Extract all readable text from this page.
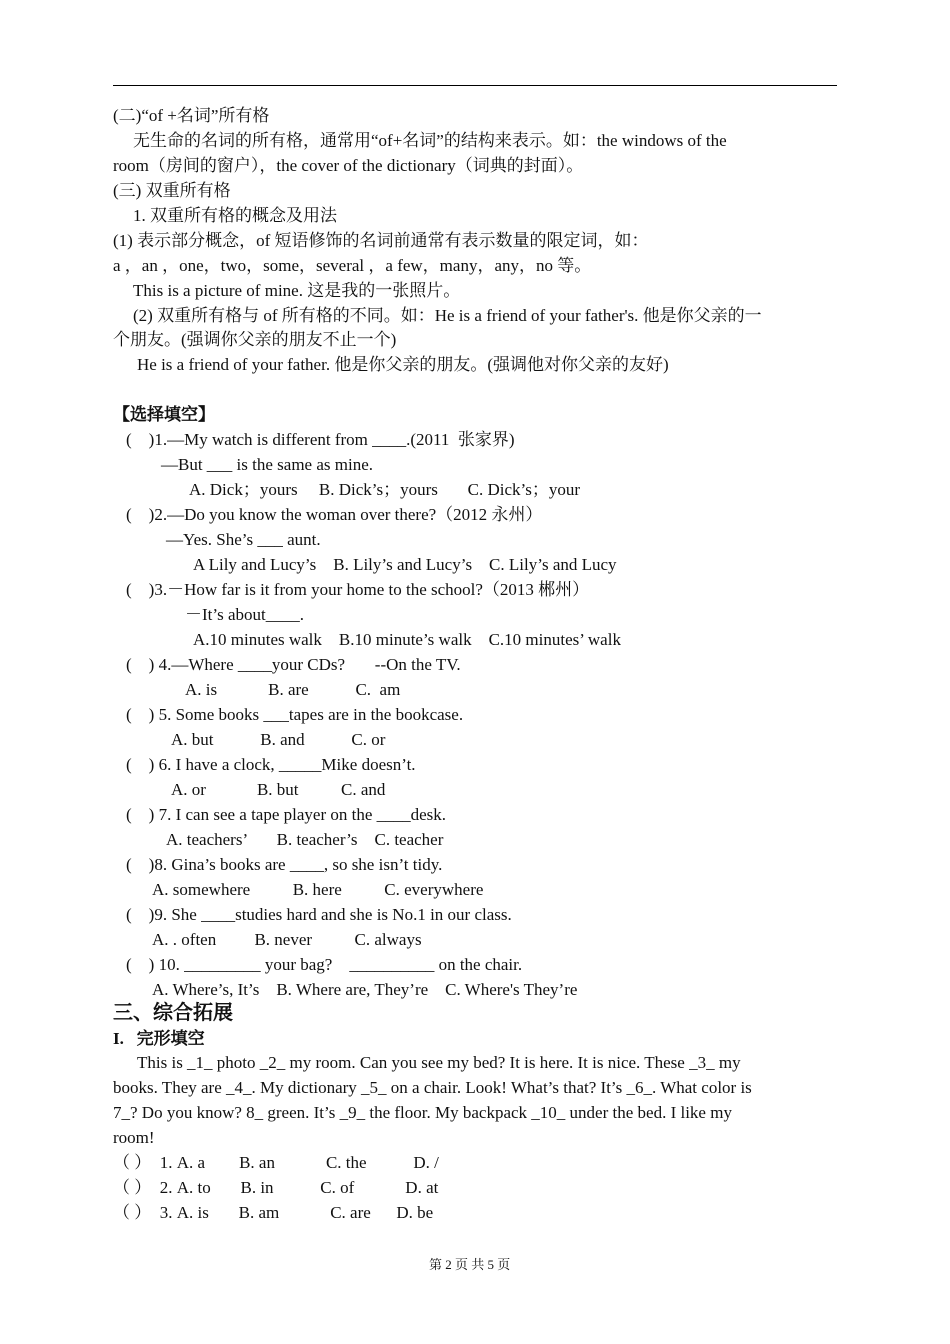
(二)“of +名词”所有格
无生命的名词的所有格，通常用“of+名词”的结构来表示。如：the windows of the
room（房间的窗户），the cover of the dictionary（词典的封面）。
(三) 双重所有格
1. 双重所有格的概念及用法
(1) 表示部分概念，of 短语修饰的名词前通常有表示数量的限定词，如：
a ，an ，one，two，some，several ，a few，many，any，no 等。
This is a picture of mine. 这是我的一张照片。
(2) 双重所有格与 of 所有格的不同。如：He is a friend of your father's. 他是你父亲的一
个朋友。(强调你父亲的朋友不止一个)
He is a friend of your father. 他是你父亲的朋友。(强调他对你父亲的友好)
【选择填空】
(    )1.—My watch is different from ____.(2011  张家界)
—But ___ is the same as mine.
A. Dick；yours     B. Dick’s；yours       C. Dick’s；your
(    )2.—Do you know the woman over there?（2012 永州）
—Yes. She’s ___ aunt.
A Lily and Lucy’s    B. Lily’s and Lucy’s    C. Lily’s and Lucy
(    )3.－How far is it from your home to the school?（2013 郴州）
－It’s about____.
A.10 minutes walk    B.10 minute’s walk    C.10 minutes’ walk
(    ) 4.—Where ____your CDs?       --On the TV.
A. is            B. are           C.  am
(    ) 5. Some books ___tapes are in the bookcase.
A. but           B. and           C. or
(    ) 6. I have a clock, _____Mike doesn’t.
A. or            B. but          C. and
(    ) 7. I can see a tape player on the ____desk.
A. teachers’       B. teacher’s    C. teacher
(    )8. Gina’s books are ____, so she isn’t tidy.
A. somewhere          B. here          C. everywhere
(    )9. She ____studies hard and she is No.1 in our class.
A. . often         B. never          C. always
(    ) 10. _________ your bag?    __________ on the chair.
A. Where’s, It’s    B. Where are, They’re    C. Where's They’re
三、综合拓展
I.   完形填空
This is _1_ photo _2_ my room. Can you see my bed? It is here. It is nice. These _3_ my
books. They are _4_. My dictionary _5_ on a chair. Look! What’s that? It’s _6_. What color is
7_? Do you know? 8_ green. It’s _9_ the floor. My backpack _10_ under the bed. I like my
room!
（ ）  1. A. a        B. an            C. the           D. /
（ ）  2. A. to       B. in           C. of            D. at
（ ）  3. A. is       B. am            C. are      D. be
第 2 页 共 5 页
